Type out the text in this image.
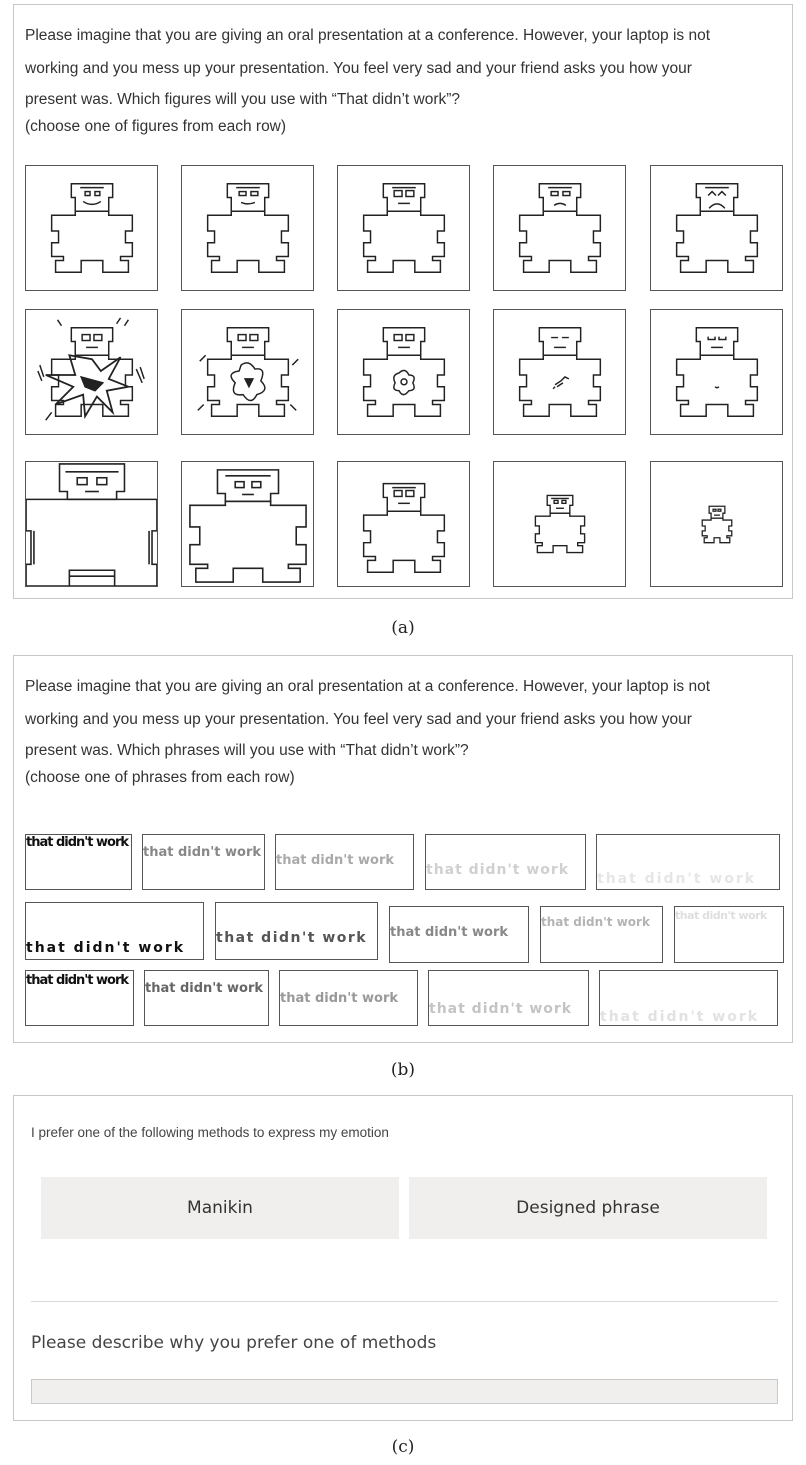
Please imagine that you are giving an oral presentation at a conference. However, your laptop is not

working and you mess up your presentation. You feel very sad and your friend asks you how your

present was. Which figures will you use with “That didn’t work”?

(choose one of figures from each row)

(a)

Please imagine that you are giving an oral presentation at a conference. However, your laptop is not

working and you mess up your presentation. You feel very sad and your friend asks you how your

present was. Which phrases will you use with “That didn’t work”?

(choose one of phrases from each row)

that didn't work
that didn't work
that didn't work
that didn't work
that didn't work
that didn't work
that didn't work that didn't work
that didn't work that didn't work
that didn't work
that didn't work
that didn't work
that didn't work that didn't work
(b)
I prefer one of the following methods to express my emotion
Manikin	Designed phrase
Please describe why you prefer one of methods
(c)
